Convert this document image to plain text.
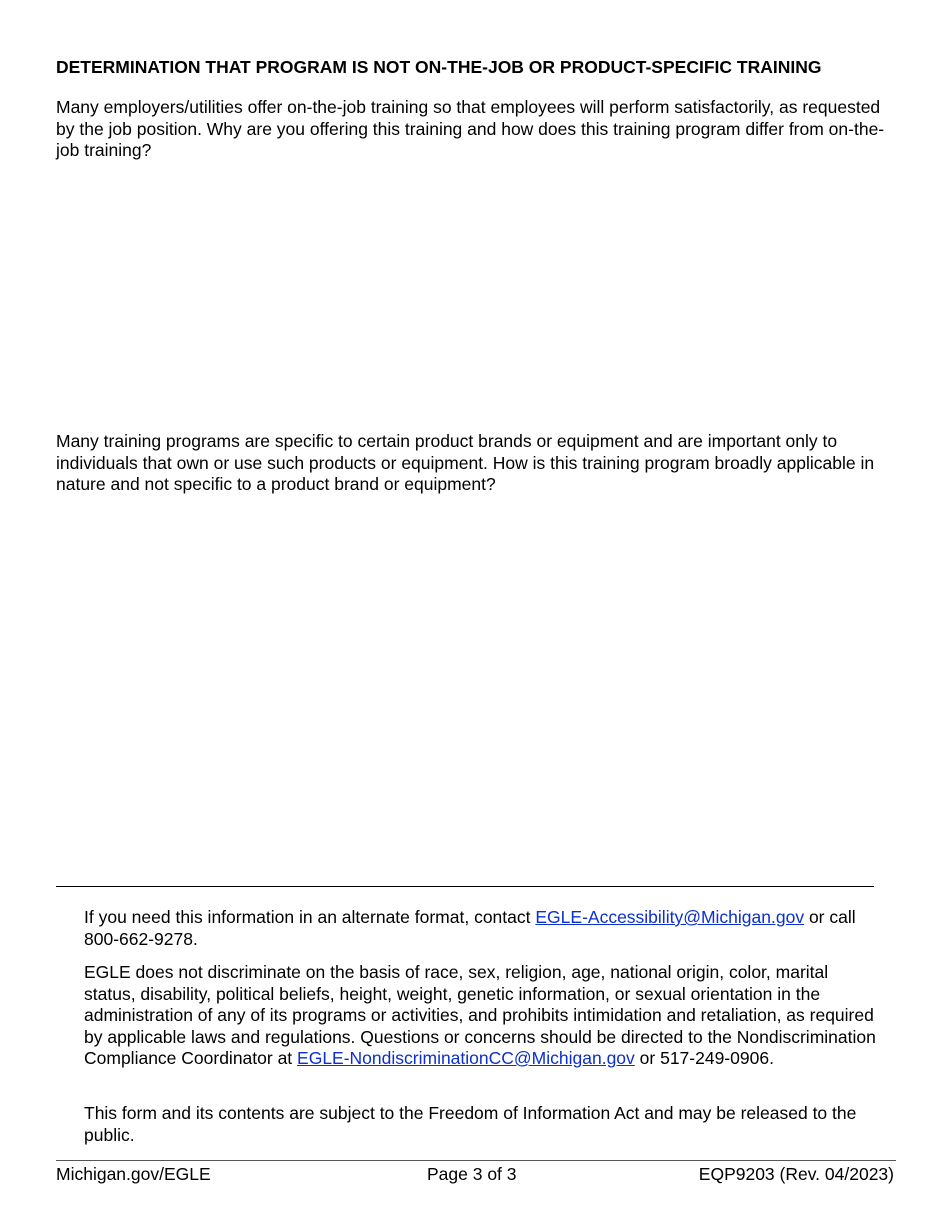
DETERMINATION THAT PROGRAM IS NOT ON-THE-JOB OR PRODUCT-SPECIFIC TRAINING
Many employers/utilities offer on-the-job training so that employees will perform satisfactorily, as requested by the job position. Why are you offering this training and how does this training program differ from on-the-job training?
Many training programs are specific to certain product brands or equipment and are important only to individuals that own or use such products or equipment. How is this training program broadly applicable in nature and not specific to a product brand or equipment?
If you need this information in an alternate format, contact EGLE-Accessibility@Michigan.gov or call 800-662-9278.
EGLE does not discriminate on the basis of race, sex, religion, age, national origin, color, marital status, disability, political beliefs, height, weight, genetic information, or sexual orientation in the administration of any of its programs or activities, and prohibits intimidation and retaliation, as required by applicable laws and regulations. Questions or concerns should be directed to the Nondiscrimination Compliance Coordinator at EGLE-NondiscriminationCC@Michigan.gov or 517-249-0906.
This form and its contents are subject to the Freedom of Information Act and may be released to the public.
Michigan.gov/EGLE	Page 3 of 3	EQP9203 (Rev. 04/2023)
